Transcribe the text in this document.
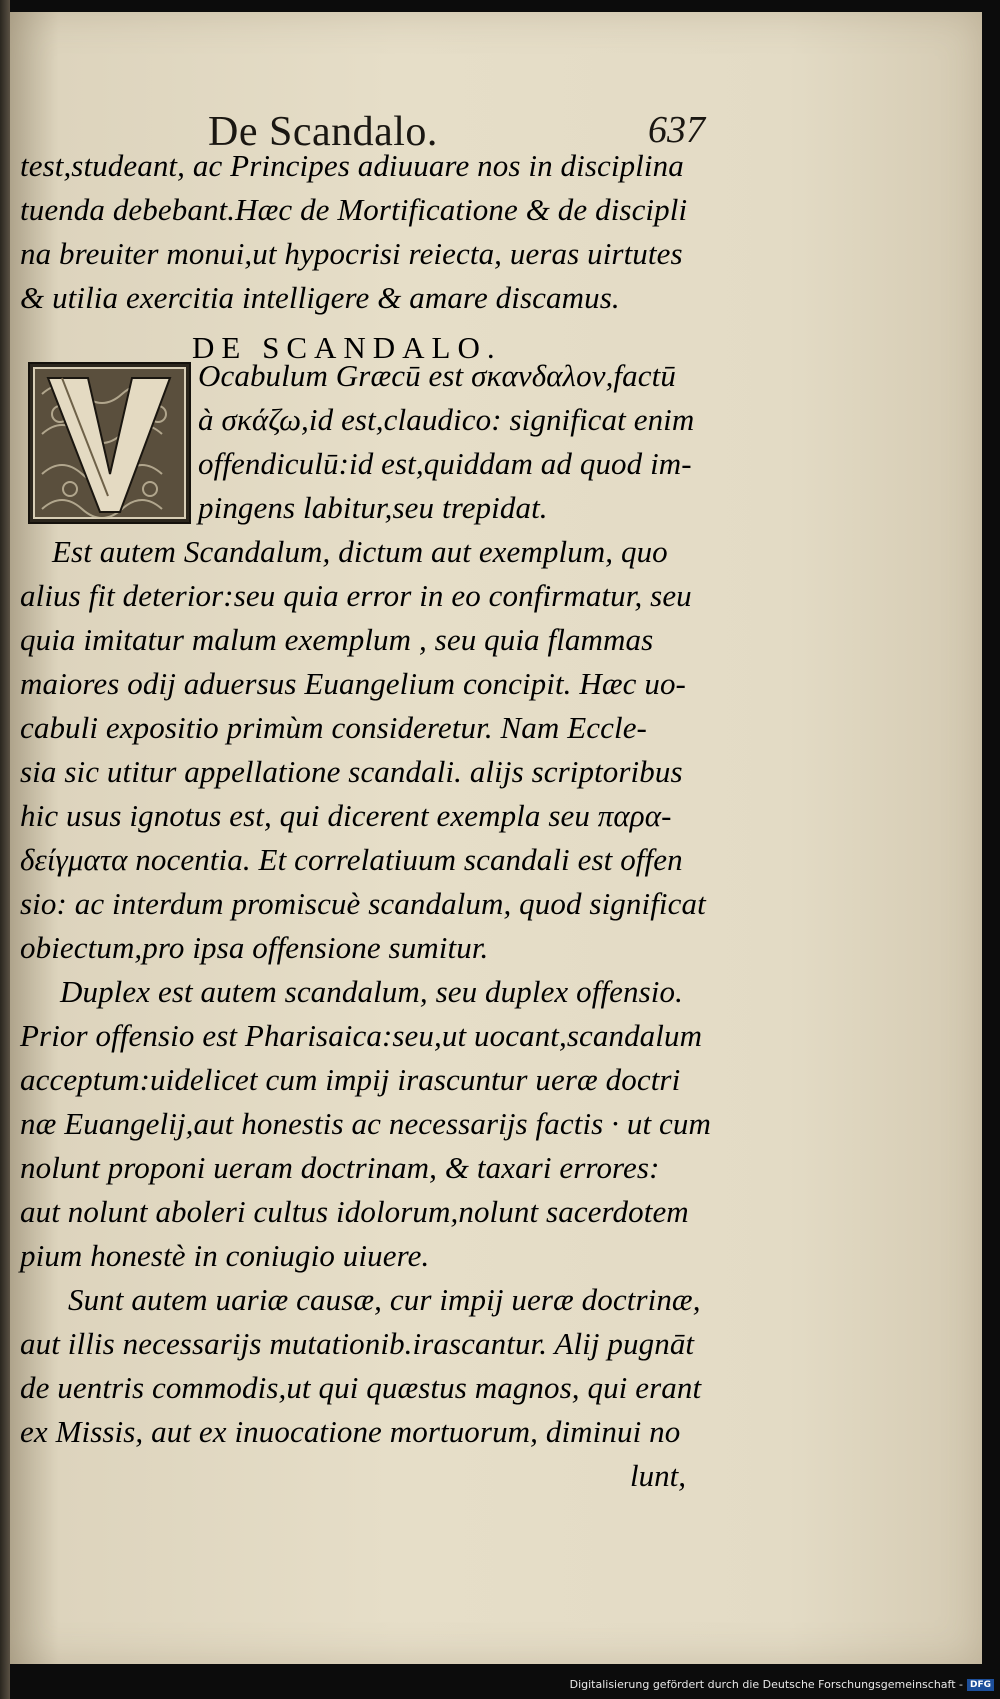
De Scandalo.	637
test,studeant, ac Principes adiuuare nos in disciplina
tuenda debebant.Hæc de Mortificatione & de discipli
na breuiter monui,ut hypocrisi reiecta, ueras uirtutes
& utilia exercitia intelligere & amare discamus.
DE SCANDALO.
Ocabulum Græcū est σκανδαλον,factū
à σκάζω,id est,claudico: significat enim
offendiculū:id est,quiddam ad quod im-
pingens labitur,seu trepidat.
Est autem Scandalum, dictum aut exemplum, quo
alius fit deterior:seu quia error in eo confirmatur, seu
quia imitatur malum exemplum , seu quia flammas
maiores odij aduersus Euangelium concipit. Hæc uo-
cabuli expositio primùm consideretur. Nam Eccle-
sia sic utitur appellatione scandali. alijs scriptoribus
hic usus ignotus est, qui dicerent exempla seu παρα-
δείγματα nocentia. Et correlatiuum scandali est offen
sio: ac interdum promiscuè scandalum, quod significat
obiectum,pro ipsa offensione sumitur.
Duplex est autem scandalum, seu duplex offensio.
Prior offensio est Pharisaica:seu,ut uocant,scandalum
acceptum:uidelicet cum impij irascuntur ueræ doctri
næ Euangelij,aut honestis ac necessarijs factis · ut cum
nolunt proponi ueram doctrinam, & taxari errores:
aut nolunt aboleri cultus idolorum,nolunt sacerdotem
pium honestè in coniugio uiuere.
Sunt autem uariæ causæ, cur impij ueræ doctrinæ,
aut illis necessarijs mutationib.irascantur. Alij pugnāt
de uentris commodis,ut qui quæstus magnos, qui erant
ex Missis, aut ex inuocatione mortuorum, diminui no
lunt,
Digitalisierung gefördert durch die Deutsche Forschungsgemeinschaft - DFG
